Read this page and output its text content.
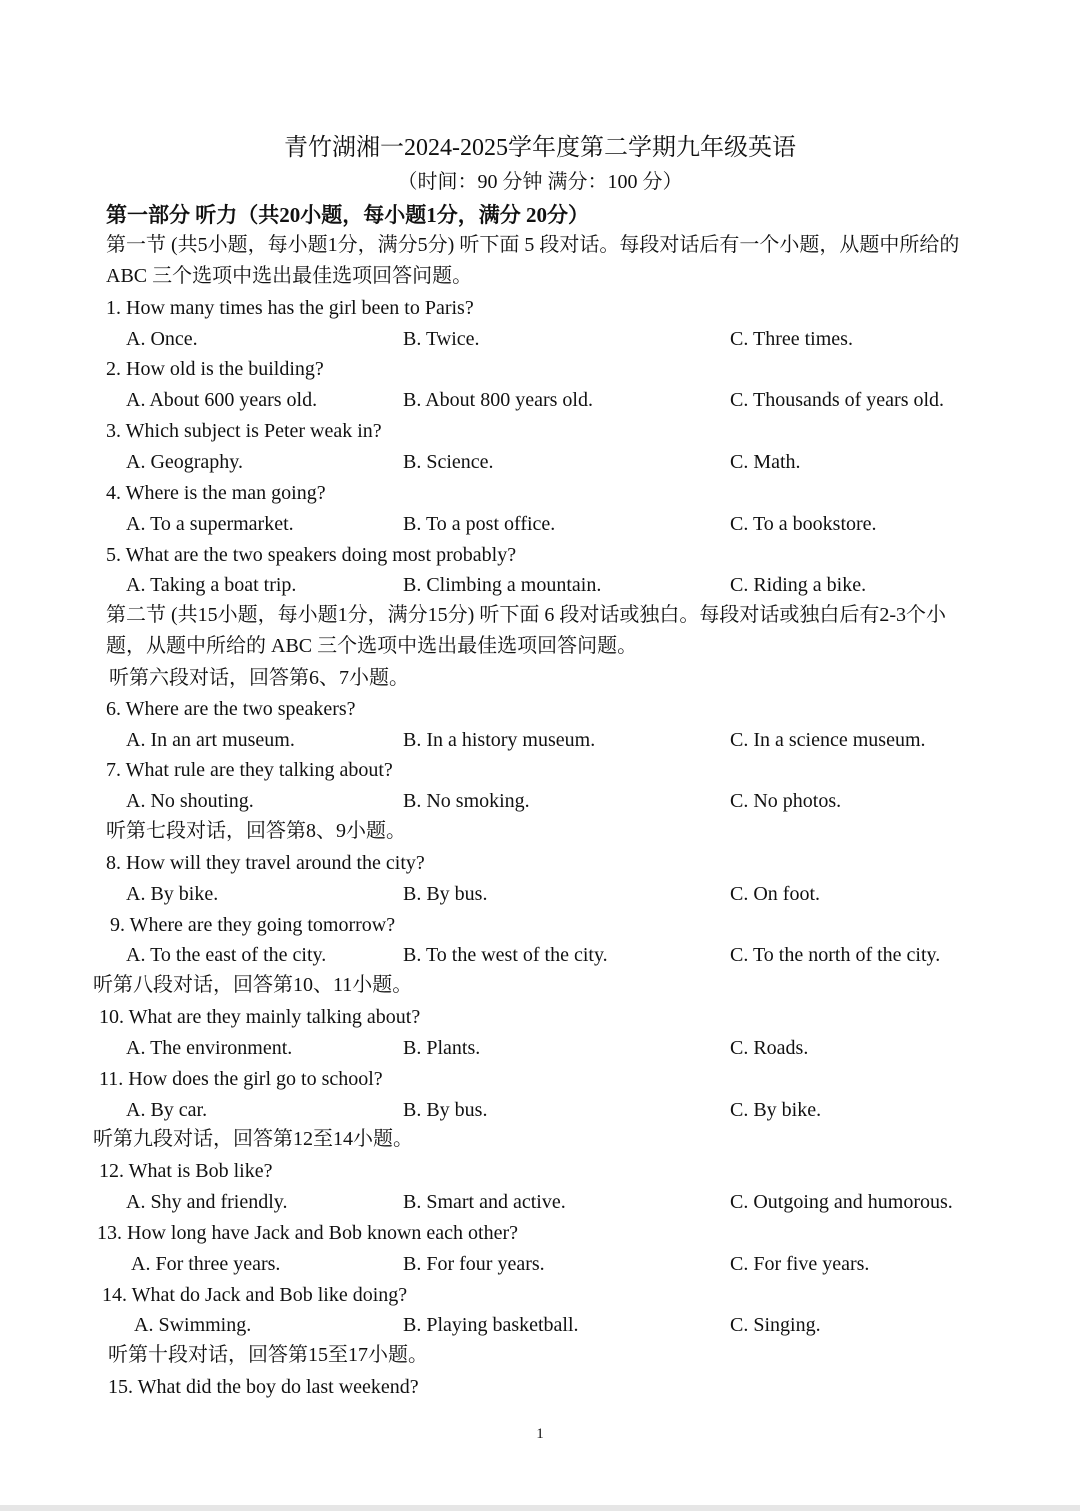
青竹湖湘一2024-2025学年度第二学期九年级英语
（时间：90 分钟 满分：100 分）
第一部分 听力（共20小题，每小题1分，满分 20分）
第一节 (共5小题，每小题1分，满分5分) 听下面 5 段对话。每段对话后有一个小题，从题中所给的
ABC 三个选项中选出最佳选项回答问题。
1. How many times has the girl been to Paris?
A. Once.	B. Twice.	C. Three times.
2. How old is the building?
A. About 600 years old.	B. About 800 years old.	C. Thousands of years old.
3. Which subject is Peter weak in?
A. Geography.	B. Science.	C. Math.
4. Where is the man going?
A. To a supermarket.	B. To a post office.	C. To a bookstore.
5. What are the two speakers doing most probably?
A. Taking a boat trip.	B. Climbing a mountain.	C. Riding a bike.
第二节 (共15小题，每小题1分，满分15分) 听下面 6 段对话或独白。每段对话或独白后有2-3个小
题，从题中所给的 ABC 三个选项中选出最佳选项回答问题。
听第六段对话，回答第6、7小题。
6. Where are the two speakers?
A. In an art museum.	B. In a history museum.	C. In a science museum.
7. What rule are they talking about?
A. No shouting.	B. No smoking.	C. No photos.
听第七段对话，回答第8、9小题。
8. How will they travel around the city?
A. By bike.	B. By bus.	C. On foot.
9. Where are they going tomorrow?
A. To the east of the city.	B. To the west of the city.	C. To the north of the city.
听第八段对话，回答第10、11小题。
10. What are they mainly talking about?
A. The environment.	B. Plants.	C. Roads.
11. How does the girl go to school?
A. By car.	B. By bus.	C. By bike.
听第九段对话，回答第12至14小题。
12. What is Bob like?
A. Shy and friendly.	B. Smart and active.	C. Outgoing and humorous.
13. How long have Jack and Bob known each other?
A. For three years.	B. For four years.	C. For five years.
14. What do Jack and Bob like doing?
A. Swimming.	B. Playing basketball.	C. Singing.
听第十段对话，回答第15至17小题。
15. What did the boy do last weekend?
1
